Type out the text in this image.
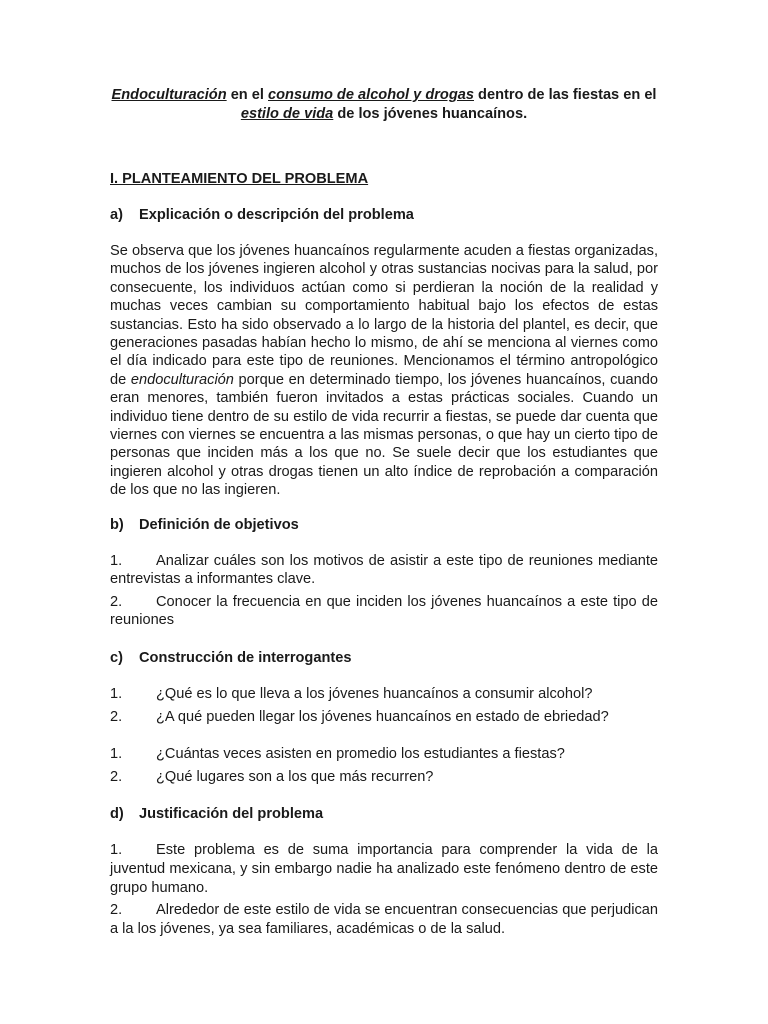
Endoculturación en el consumo de alcohol y drogas dentro de las fiestas en el estilo de vida de los jóvenes huancaínos.
I. PLANTEAMIENTO DEL PROBLEMA
a)	Explicación o descripción del problema

Se observa que los jóvenes huancaínos regularmente acuden a fiestas organizadas, muchos de los jóvenes ingieren alcohol y otras sustancias nocivas para la salud, por consecuente, los individuos actúan como si perdieran la noción de la realidad y muchas veces cambian su comportamiento habitual bajo los efectos de estas sustancias. Esto ha sido observado a lo largo de la historia del plantel, es decir, que generaciones pasadas habían hecho lo mismo, de ahí se menciona al viernes como el día indicado para este tipo de reuniones. Mencionamos el término antropológico de endoculturación porque en determinado tiempo, los jóvenes huancaínos, cuando eran menores, también fueron invitados a estas prácticas sociales. Cuando un individuo tiene dentro de su estilo de vida recurrir a fiestas, se puede dar cuenta que viernes con viernes se encuentra a las mismas personas, o que hay un cierto tipo de personas que inciden más a los que no. Se suele decir que los estudiantes que ingieren alcohol y otras drogas tienen un alto índice de reprobación a comparación de los que no las ingieren.

b)	Definición de objetivos
1. Analizar cuáles son los motivos de asistir a este tipo de reuniones mediante entrevistas a informantes clave.
2. Conocer la frecuencia en que inciden los jóvenes huancaínos a este tipo de reuniones
c)	Construcción de interrogantes
1. ¿Qué es lo que lleva a los jóvenes huancaínos a consumir alcohol?
2. ¿A qué pueden llegar los jóvenes huancaínos en estado de ebriedad?
1. ¿Cuántas veces asisten en promedio los estudiantes a fiestas?
2. ¿Qué lugares son a los que más recurren?
d)	Justificación del problema
1. Este problema es de suma importancia para comprender la vida de la juventud mexicana, y sin embargo nadie ha analizado este fenómeno dentro de este grupo humano.
2. Alrededor de este estilo de vida se encuentran consecuencias que perjudican a la los jóvenes, ya sea familiares, académicas o de la salud.
